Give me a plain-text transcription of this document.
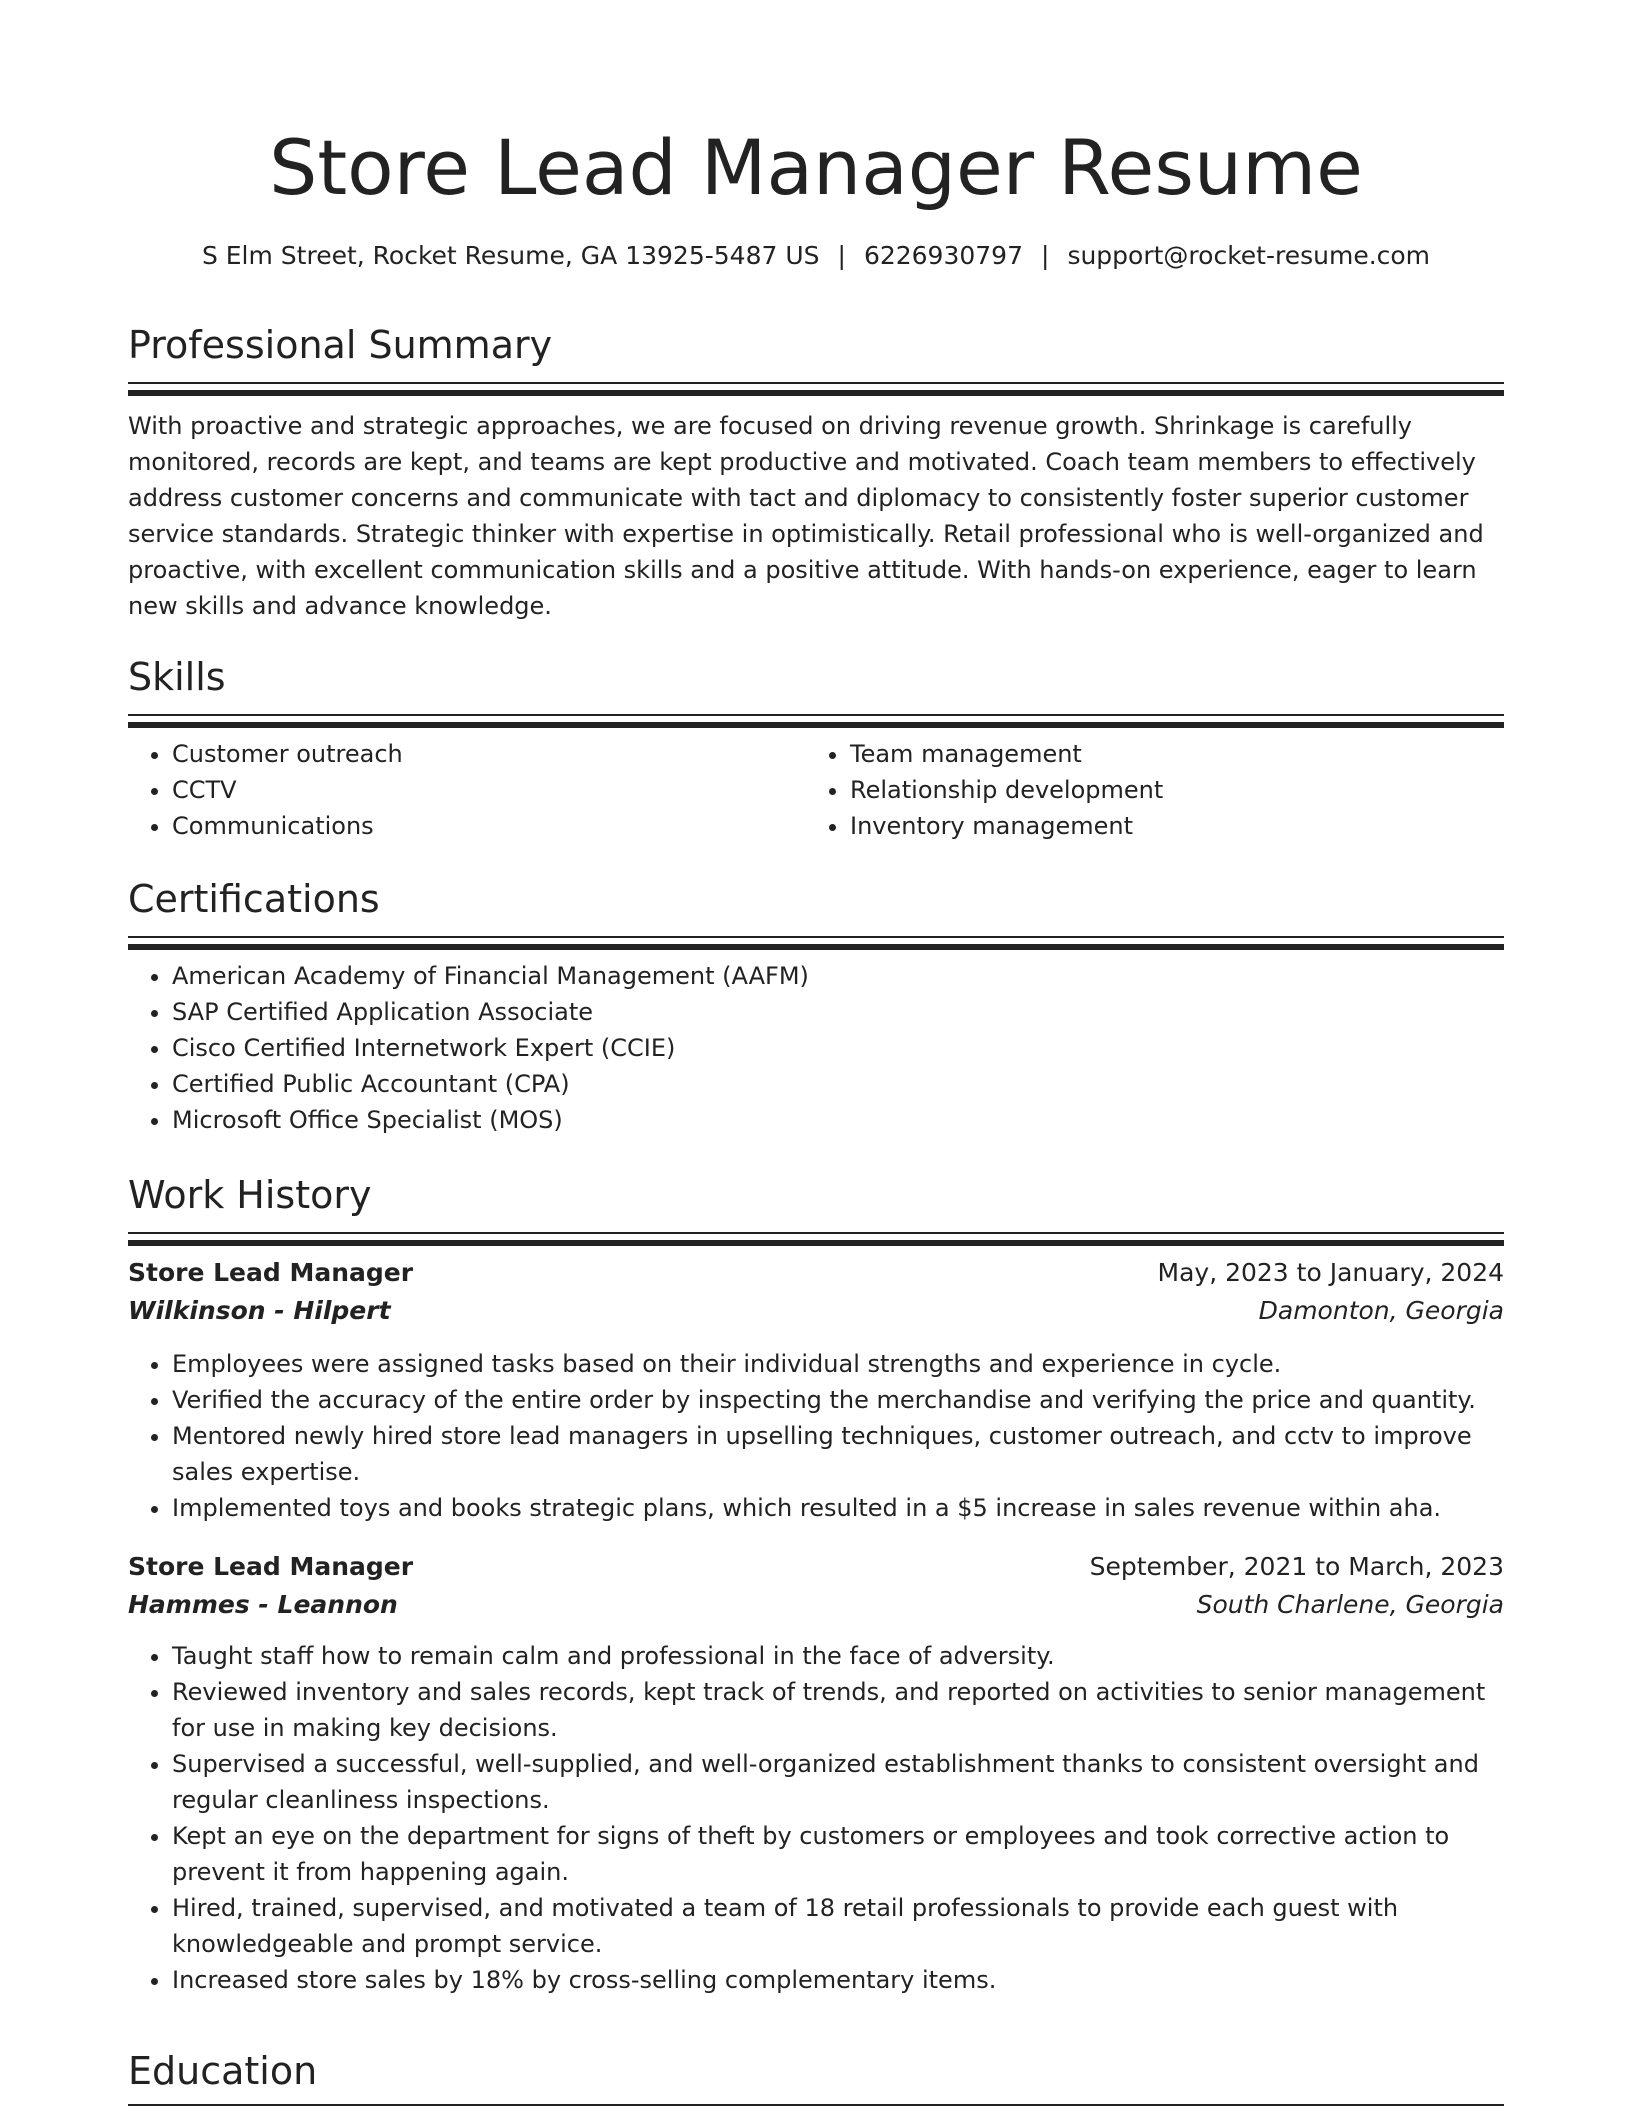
Store Lead Manager Resume
S Elm Street, Rocket Resume, GA 13925-5487 US | 6226930797 | support@rocket-resume.com
Professional Summary

With proactive and strategic approaches, we are focused on driving revenue growth. Shrinkage is carefully monitored, records are kept, and teams are kept productive and motivated. Coach team members to effectively address customer concerns and communicate with tact and diplomacy to consistently foster superior customer service standards. Strategic thinker with expertise in optimistically. Retail professional who is well-organized and proactive, with excellent communication skills and a positive attitude. With hands-on experience, eager to learn new skills and advance knowledge.

Skills
• Customer outreach
• CCTV
• Communications
• Team management
• Relationship development
• Inventory management
Certifications
• American Academy of Financial Management (AAFM)
• SAP Certified Application Associate
• Cisco Certified Internetwork Expert (CCIE)
• Certified Public Accountant (CPA)
• Microsoft Office Specialist (MOS)
Work History
Store Lead Manager	May, 2023 to January, 2024
Wilkinson - Hilpert	Damonton, Georgia
• Employees were assigned tasks based on their individual strengths and experience in cycle.
• Verified the accuracy of the entire order by inspecting the merchandise and verifying the price and quantity.
• Mentored newly hired store lead managers in upselling techniques, customer outreach, and cctv to improve sales expertise.
• Implemented toys and books strategic plans, which resulted in a $5 increase in sales revenue within aha.
Store Lead Manager	September, 2021 to March, 2023
Hammes - Leannon	South Charlene, Georgia
• Taught staff how to remain calm and professional in the face of adversity.
• Reviewed inventory and sales records, kept track of trends, and reported on activities to senior management for use in making key decisions.
• Supervised a successful, well-supplied, and well-organized establishment thanks to consistent oversight and regular cleanliness inspections.
• Kept an eye on the department for signs of theft by customers or employees and took corrective action to prevent it from happening again.
• Hired, trained, supervised, and motivated a team of 18 retail professionals to provide each guest with knowledgeable and prompt service.
• Increased store sales by 18% by cross-selling complementary items.
Education
